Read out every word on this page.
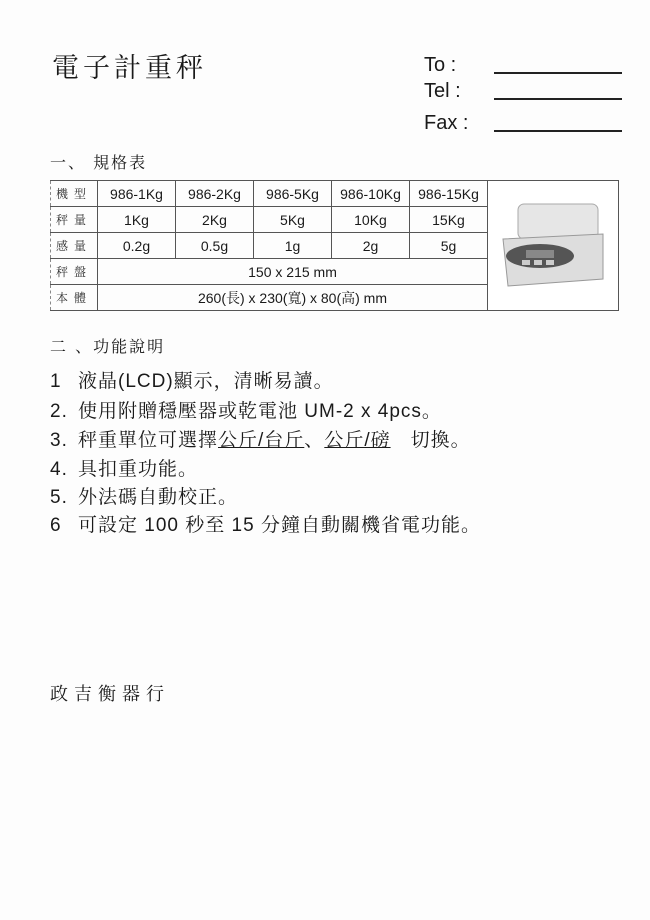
電子計重秤	To :
Tel :
Fax :
一、 規格表
機型	986-1Kg	986-2Kg	986-5Kg	986-10Kg	986-15Kg	
秤量	1Kg	2Kg	5Kg	10Kg	15Kg	
感量	0.2g	0.5g	1g	2g	5g	
秤盤	150 x 215 mm					
本體	260(長) x 230(寬) x 80(高) mm					
二 、功能說明
1 液晶(LCD)顯示，清晰易讀。
2. 使用附贈穩壓器或乾電池 UM-2 x 4pcs。
3. 秤重單位可選擇公斤/台斤、公斤/磅　切換。
4. 具扣重功能。
5. 外法碼自動校正。
6 可設定 100 秒至 15 分鐘自動關機省電功能。
政吉衡器行
